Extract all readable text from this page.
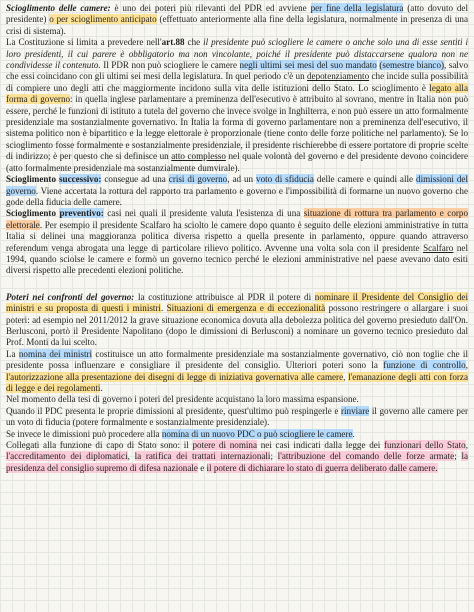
Scioglimento delle camere: è uno dei poteri più rilevanti del PDR ed avviene per fine della legislatura (atto dovuto del presidente) o per scioglimento anticipato (effettuato anteriormente alla fine della legislatura, normalmente in presenza di una crisi di sistema).
La Costituzione si limita a prevedere nell'art.88 che il presidente può sciogliere le camere o anche solo una di esse sentiti i loro presidenti, il cui parere è obbligatorio ma non vincolante, poiché il presidente può distaccarsene qualora non ne condividesse il contenuto. Il PDR non può sciogliere le camere negli ultimi sei mesi del suo mandato (semestre bianco), salvo che essi coincidano con gli ultimi sei mesi della legislatura. In quel periodo c'è un depotenziamento che incide sulla possibilità di compiere uno degli atti che maggiormente incidono sulla vita delle istituzioni dello Stato. Lo scioglimento è legato alla forma di governo: in quella inglese parlamentare a preminenza dell'esecutivo è attribuito al sovrano, mentre in Italia non può essere, perché le funzioni di istituto a tutela del governo che invece svolge in Inghilterra, e non può essere un atto formalmente presidenziale ma sostanzialmente governativo. In Italia la forma di governo parlamentare non a preminenza dell'esecutivo, il sistema politico non è bipartitico e la legge elettorale è proporzionale (tiene conto delle forze politiche nel parlamento). Se lo scioglimento fosse formalmente e sostanzialmente presidenziale, il presidente rischierebbe di essere portatore di proprie scelte di indirizzo; è per questo che si definisce un atto complesso nel quale volontà del governo e del presidente devono coincidere (atto formalmente presidenziale ma sostanzialmente dumvirale).

Scioglimento successivo: consegue ad una crisi di governo, ad un voto di sfiducia delle camere e quindi alle dimissioni del governo. Viene accertata la rottura del rapporto tra parlamento e governo e l'impossibilità di formarne un nuovo governo che gode della fiducia delle camere.

Scioglimento preventivo: casi nei quali il presidente valuta l'esistenza di una situazione di rottura tra parlamento e corpo elettorale. Per esempio il presidente Scalfaro ha sciolto le camere dopo quanto è seguito delle elezioni amministrative in tutta Italia si delinei una maggioranza politica diversa rispetto a quella presente in parlamento, oppure quando attraverso referendum venga abrogata una legge di particolare rilievo politico. Avvenne una volta sola con il presidente Scalfaro nel 1994, quando sciolse le camere e formò un governo tecnico perché le elezioni amministrative nel paese avevano dato esiti diversi rispetto alle precedenti elezioni politiche.

Poteri nei confronti del governo: la costituzione attribuisce al PDR il potere di nominare il Presidente del Consiglio dei ministri e su proposta di questi i ministri. Situazioni di emergenza e di eccezionalità possono restringere o allargare i suoi poteri: ad esempio nel 2011/2012 la grave situazione economica dovuta alla debolezza politica del governo presieduto dall'On. Berlusconi, portò il Presidente Napolitano (dopo le dimissioni di Berlusconi) a nominare un governo tecnico presieduto dal Prof. Monti da lui scelto.
La nomina dei ministri costituisce un atto formalmente presidenziale ma sostanzialmente governativo, ciò non toglie che il presidente possa influenzare e consigliare il presidente del consiglio. Ulteriori poteri sono la funzione di controllo, l'autorizzazione alla presentazione dei disegni di legge di iniziativa governativa alle camere, l'emanazione degli atti con forza di legge e dei regolamenti.
Nel momento della tesi di governo i poteri del presidente acquistano la loro massima espansione.
Quando il PDC presenta le proprie dimissioni al presidente, quest'ultimo può respingerle e rinviare il governo alle camere per un voto di fiducia (potere formalmente e sostanzialmente presidenziale).
Se invece le dimissioni può procedere alla nomina di un nuovo PDC o può sciogliere le camere.
Collegati alla funzione di capo di Stato sono: il potere di nomina nei casi indicati dalla legge dei funzionari dello Stato, l'accreditamento dei diplomatici, la ratifica dei trattati internazionali; l'attribuzione del comando delle forze armate; la presidenza del consiglio supremo di difesa nazionale e il potere di dichiarare lo stato di guerra deliberato dalle camere.
